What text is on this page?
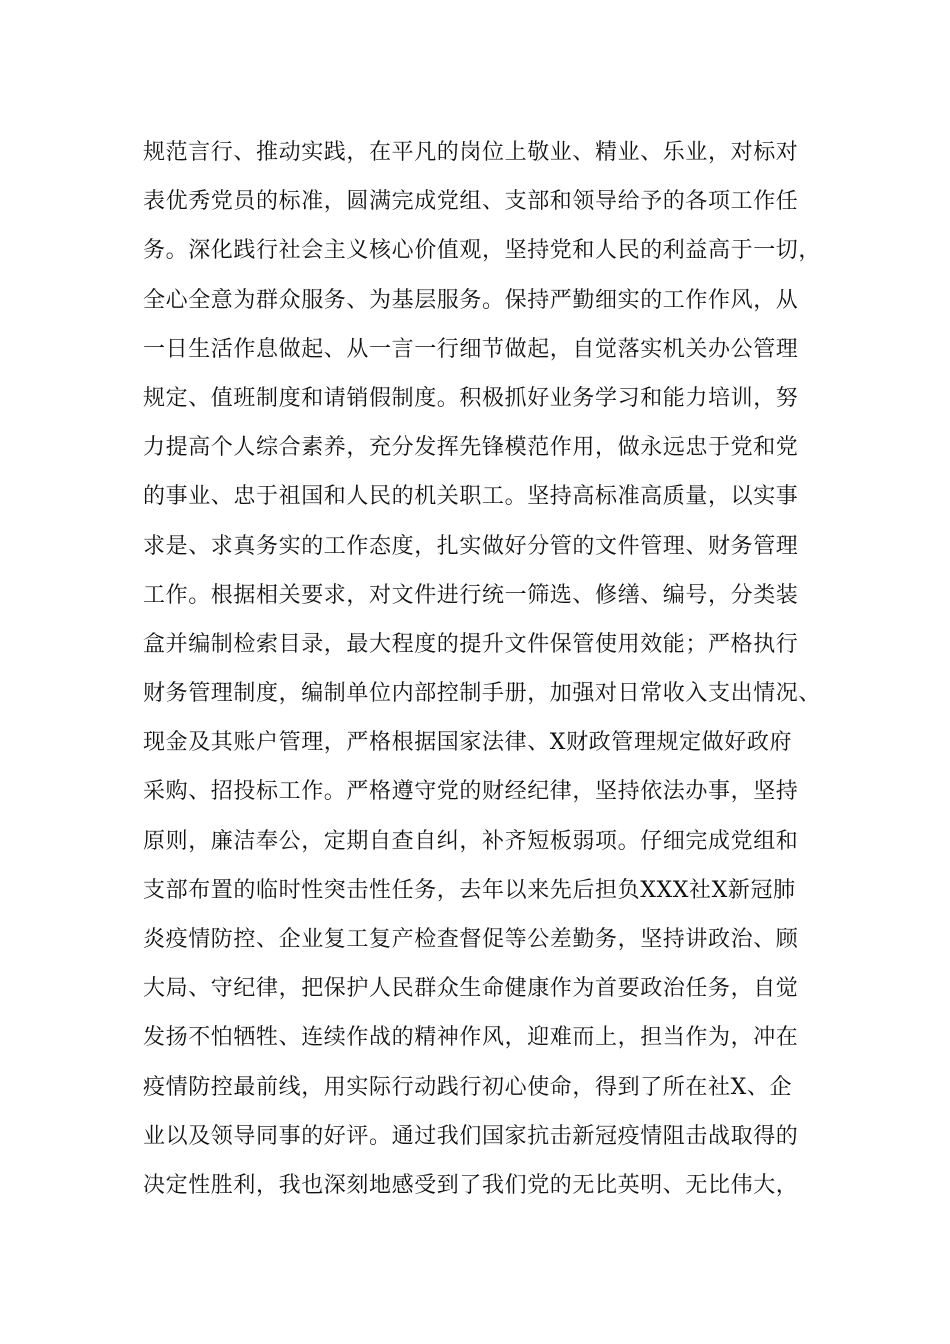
规范言行、推动实践，在平凡的岗位上敬业、精业、乐业，对标对
表优秀党员的标准，圆满完成党组、支部和领导给予的各项工作任
务。深化践行社会主义核心价值观，坚持党和人民的利益高于一切，
全心全意为群众服务、为基层服务。保持严勤细实的工作作风，从
一日生活作息做起、从一言一行细节做起，自觉落实机关办公管理
规定、值班制度和请销假制度。积极抓好业务学习和能力培训，努
力提高个人综合素养，充分发挥先锋模范作用，做永远忠于党和党
的事业、忠于祖国和人民的机关职工。坚持高标准高质量，以实事
求是、求真务实的工作态度，扎实做好分管的文件管理、财务管理
工作。根据相关要求，对文件进行统一筛选、修缮、编号，分类装
盒并编制检索目录，最大程度的提升文件保管使用效能；严格执行
财务管理制度，编制单位内部控制手册，加强对日常收入支出情况、
现金及其账户管理，严格根据国家法律、X财政管理规定做好政府
采购、招投标工作。严格遵守党的财经纪律，坚持依法办事，坚持
原则，廉洁奉公，定期自查自纠，补齐短板弱项。仔细完成党组和
支部布置的临时性突击性任务，去年以来先后担负XXX社X新冠肺
炎疫情防控、企业复工复产检查督促等公差勤务，坚持讲政治、顾
大局、守纪律，把保护人民群众生命健康作为首要政治任务，自觉
发扬不怕牺牲、连续作战的精神作风，迎难而上，担当作为，冲在
疫情防控最前线，用实际行动践行初心使命，得到了所在社X、企
业以及领导同事的好评。通过我们国家抗击新冠疫情阻击战取得的
决定性胜利，我也深刻地感受到了我们党的无比英明、无比伟大，
